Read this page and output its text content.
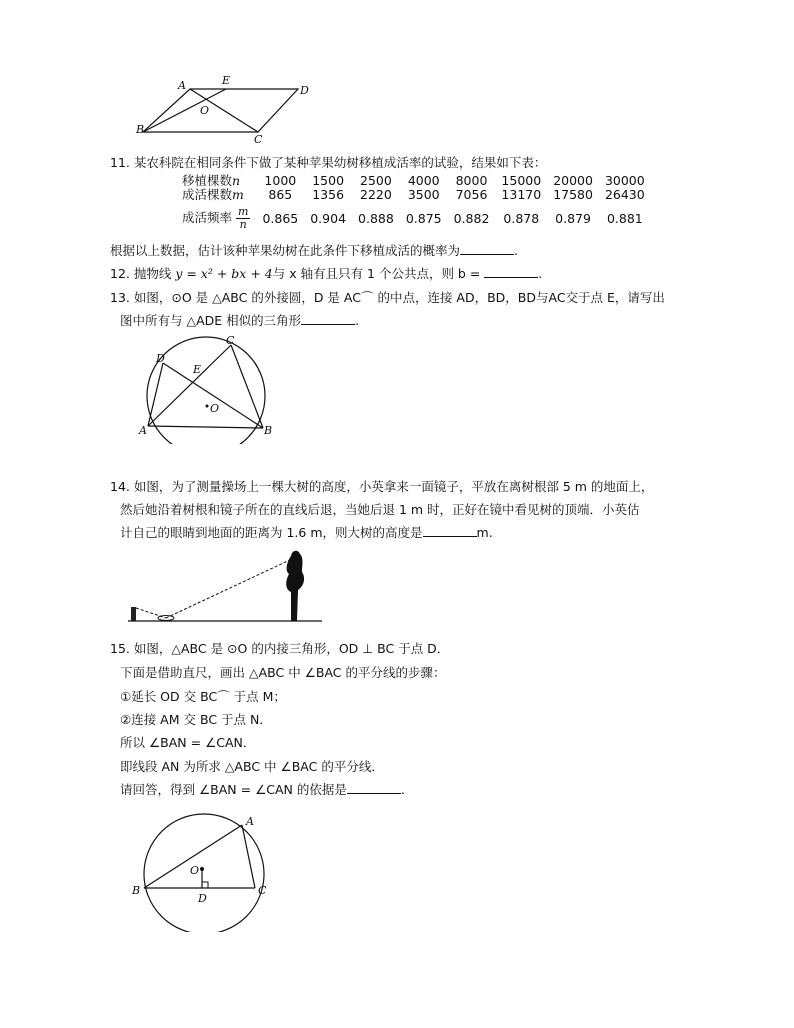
A	E
D
O
B
C
11. 某农科院在相同条件下做了某种苹果幼树移植成活率的试验，结果如下表：
移植棵数n	1000	1500	2500	4000	8000	15000	20000	30000
成活棵数m	865	1356	2220	3500	7056	13170	17580	26430
成活频率 $\frac{m}{n}$	0.865	0.904	0.888	0.875	0.882	0.878	0.879	0.881
根据以上数据，估计该种苹果幼树在此条件下移植成活的概率为	.
12. 抛物线 y = x² + bx + 4与 x 轴有且只有 1 个公共点，则 b =	.
13. 如图，⊙O 是 △ABC 的外接圆，D 是 AC⌒ 的中点，连接 AD，BD，BD与AC交于点 E，请写出
图中所有与 △ADE 相似的三角形	.
D
C
E
O
A	B
14. 如图，为了测量操场上一棵大树的高度，小英拿来一面镜子，平放在离树根部 5 m 的地面上，
然后她沿着树根和镜子所在的直线后退，当她后退 1 m 时，正好在镜中看见树的顶端．小英估
计自己的眼睛到地面的距离为 1.6 m，则大树的高度是	m.
15. 如图，△ABC 是 ⊙O 的内接三角形，OD ⊥ BC 于点 D．
下面是借助直尺，画出 △ABC 中 ∠BAC 的平分线的步骤：
①延长 OD 交 BC⌒ 于点 M；
②连接 AM 交 BC 于点 N．
所以 ∠BAN = ∠CAN．
即线段 AN 为所求 △ABC 中 ∠BAC 的平分线．
请回答，得到 ∠BAN = ∠CAN 的依据是	.
A
O
B
D
C
